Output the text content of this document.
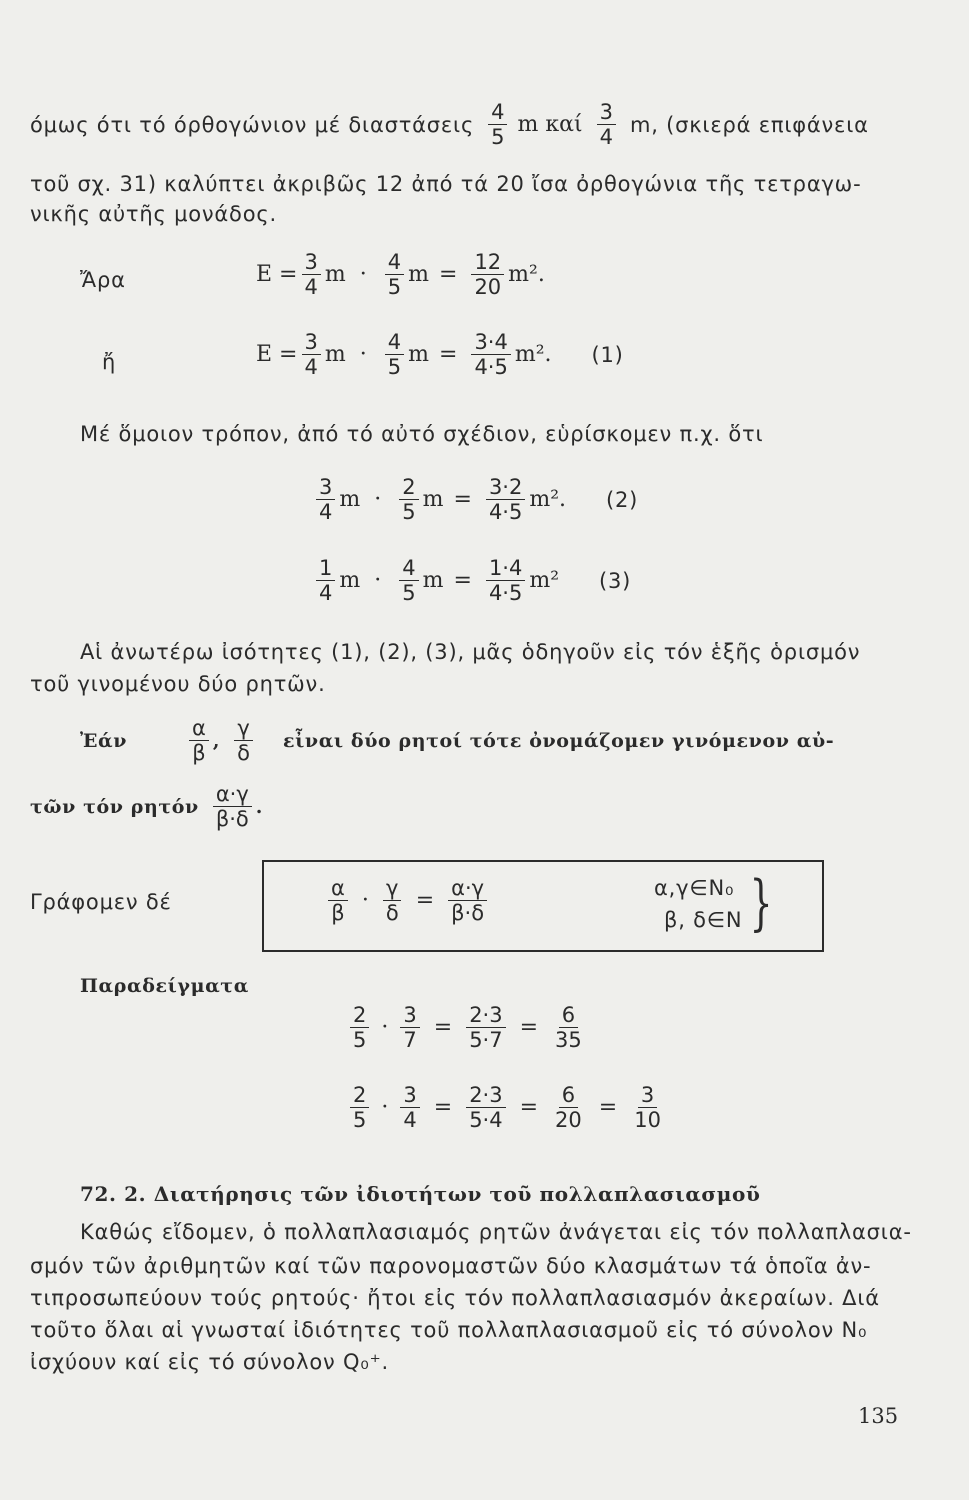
όμως ότι τό όρθογώνιον μέ διαστάσεις $\frac{4}{5}$ m καί $\frac{3}{4} m$, (σκιερά επιφάνεια
τοῦ σχ. 31) καλύπτει ἀκριβῶς 12 ἀπό τά 20 ἴσα ὀρθογώνια τῆς τετραγω-
νικῆς αὐτῆς μονάδος.
Ἄρα	$E = \frac{3}{4}$ $m \cdot \frac{4}{5}$ $m = \frac{12}{20} m^2$.
ἤ	$E = \frac{3}{4}$ $m \cdot \frac{4}{5}$ $m = \frac{3\cdot 4}{4\cdot 5} m^2$. (1)
Μέ ὅμοιον τρόπον, ἀπό τό αὐτό σχέδιον, εὑρίσκομεν π.χ. ὅτι
$\frac{3}{4}$ $m \cdot \frac{2}{5}$ $m = \frac{3\cdot 2}{4\cdot 5} m^2$. (2)
$\frac{1}{4}$ $m \cdot \frac{4}{5}$ $m = \frac{1\cdot 4}{4\cdot 5} m^2$ (3)
Αἱ ἀνωτέρω ἰσότητες (1), (2), (3), μᾶς ὁδηγοῦν εἰς τόν ἑξῆς ὁρισμόν
τοῦ γινομένου δύο ρητῶν.
Ἐάν	$\frac{\alpha}{\beta}$ , $\frac{\gamma}{\delta}$ εἶναι δύο ρητοί τότε ὀνομάζομεν γινόμενον αὐ-
τῶν τόν ρητόν $\frac{\alpha\cdot\gamma}{\beta\cdot\delta}$ .
Γράφομεν δέ	$\frac{\alpha}{\beta} \cdot \frac{\gamma}{\delta} = \frac{\alpha\cdot\gamma}{\beta\cdot\delta}$	α,γ∈N₀
β, δ∈N }
Παραδείγματα
$\frac{2}{5} \cdot \frac{3}{7} = \frac{2\cdot 3}{5\cdot 7} = \frac{6}{35}$
$\frac{2}{5} \cdot \frac{3}{4} = \frac{2\cdot 3}{5\cdot 4} = \frac{6}{20} = \frac{3}{10}$
72. 2. Διατήρησις τῶν ἰδιοτήτων τοῦ πολλαπλασιασμοῦ
Καθώς εἴδομεν, ὁ πολλαπλασιαμός ρητῶν ἀνάγεται εἰς τόν πολλαπλασια-
σμόν τῶν ἀριθμητῶν καί τῶν παρονομαστῶν δύο κλασμάτων τά ὁποῖα ἀν-
τιπροσωπεύουν τούς ρητούς· ἤτοι εἰς τόν πολλαπλασιασμόν ἀκεραίων. Διά
τοῦτο ὅλαι αἱ γνωσταί ἰδιότητες τοῦ πολλαπλασιασμοῦ εἰς τό σύνολον N₀
ἰσχύουν καί εἰς τό σύνολον Q₀⁺.
135
